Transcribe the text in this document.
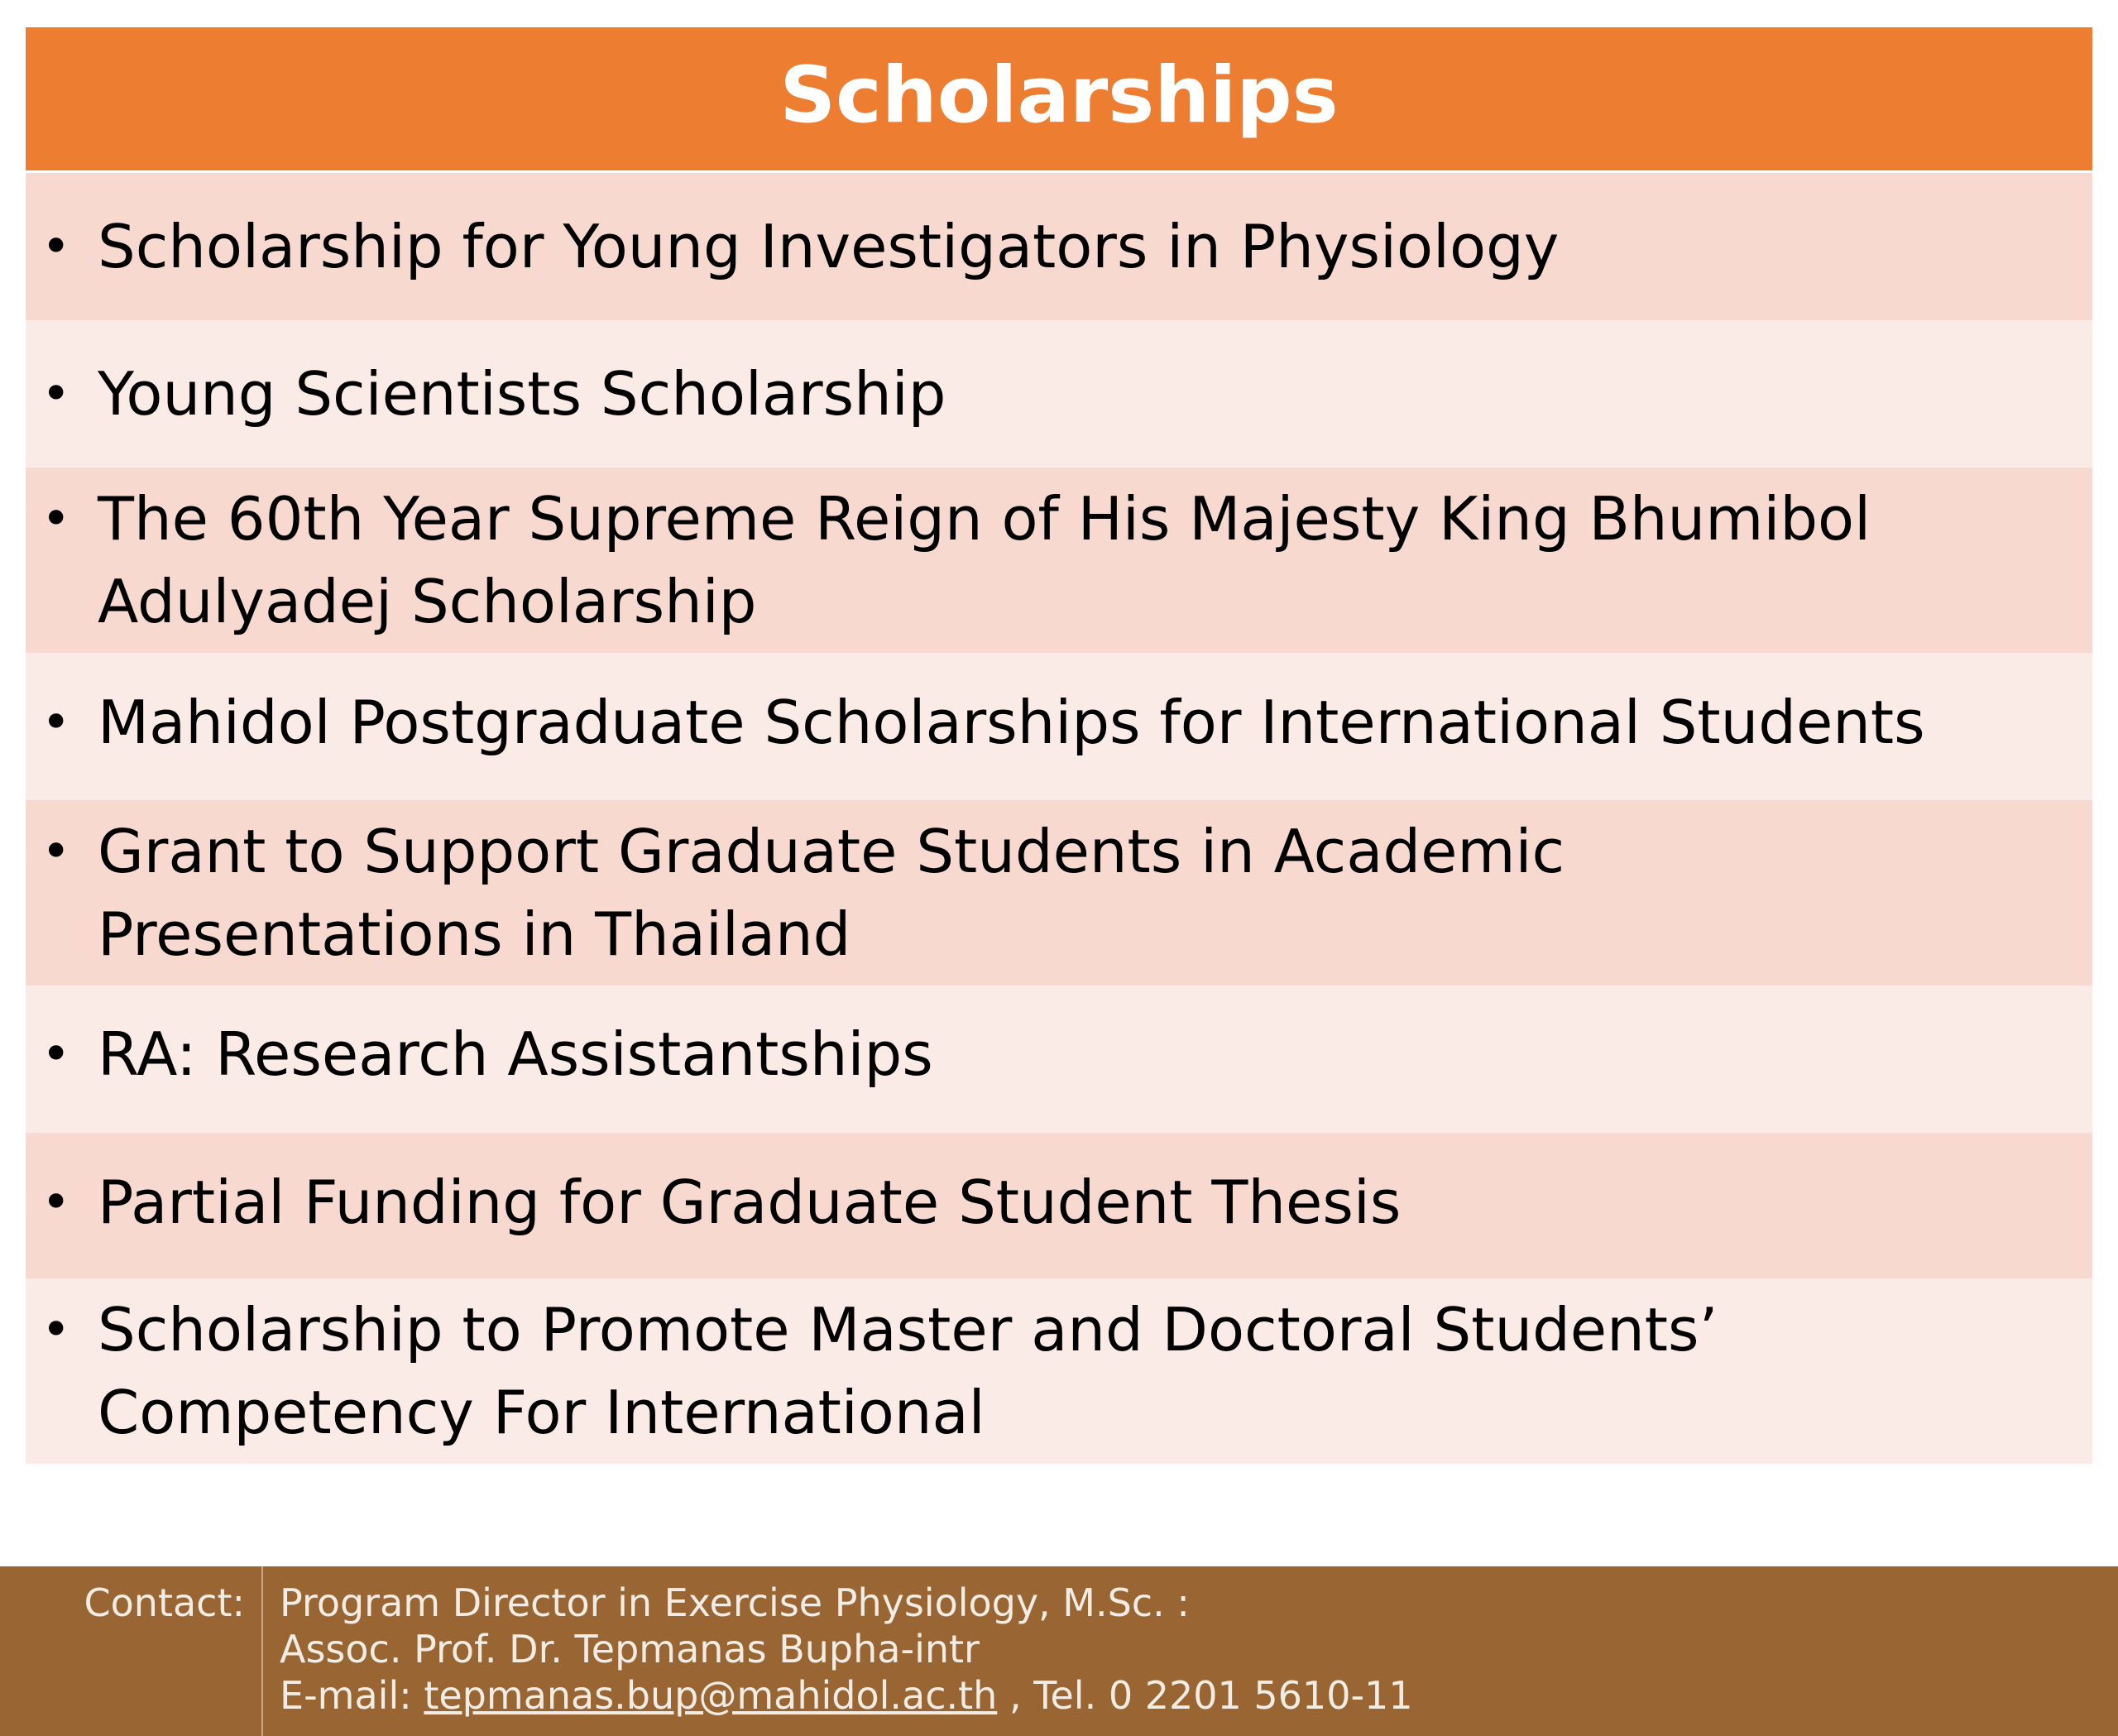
Scholarships
• Scholarship for Young Investigators in Physiology
• Young Scientists Scholarship
• The 60th Year Supreme Reign of His Majesty King Bhumibol
Adulyadej Scholarship
• Mahidol Postgraduate Scholarships for International Students
• Grant to Support Graduate Students in Academic
Presentations in Thailand
• RA: Research Assistantships
• Partial Funding for Graduate Student Thesis
• Scholarship to Promote Master and Doctoral Students’
Competency For International
Contact: Program Director in Exercise Physiology, M.Sc. :
Assoc. Prof. Dr. Tepmanas Bupha-intr
E-mail: tepmanas.bup@mahidol.ac.th , Tel. 0 2201 5610-11
